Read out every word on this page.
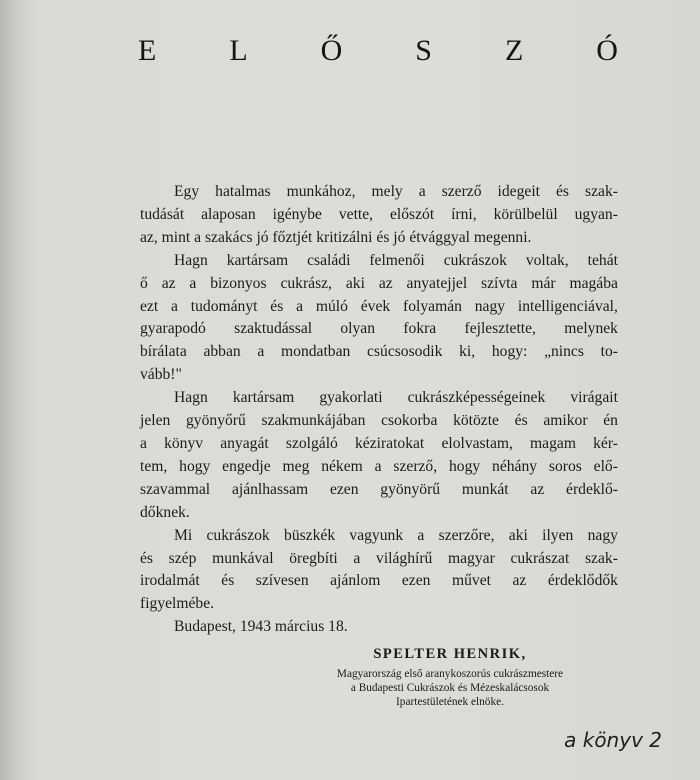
E L Ő S Z Ó
Egy hatalmas munkához, mely a szerző idegeit és szak-
tudását alaposan igénybe vette, előszót írni, körülbelül ugyan-
az, mint a szakács jó főztjét kritizálni és jó étvággyal megenni.
Hagn kartársam családi felmenői cukrászok voltak, tehát
ő az a bizonyos cukrász, aki az anyatejjel szívta már magába
ezt a tudományt és a múló évek folyamán nagy intelligenciával,
gyarapodó szaktudással olyan fokra fejlesztette, melynek
bírálata abban a mondatban csúcsosodik ki, hogy: „nincs to-
vább!"
Hagn kartársam gyakorlati cukrászképességeinek virágait
jelen gyönyőrű szakmunkájában csokorba kötözte és amikor én
a könyv anyagát szolgáló kéziratokat elolvastam, magam kér-
tem, hogy engedje meg nékem a szerző, hogy néhány soros elő-
szavammal ajánlhassam ezen gyönyörű munkát az érdeklő-
dőknek.
Mi cukrászok büszkék vagyunk a szerzőre, aki ilyen nagy
és szép munkával öregbíti a világhírű magyar cukrászat szak-
irodalmát és szívesen ajánlom ezen művet az érdeklődők
figyelmébe.
Budapest, 1943 március 18.
SPELTER HENRIK,
Magyarország első aranykoszorús cukrászmestere
a Budapesti Cukrászok és Mézeskalácsosok
Ipartestületének elnöke.
a könyv 2
